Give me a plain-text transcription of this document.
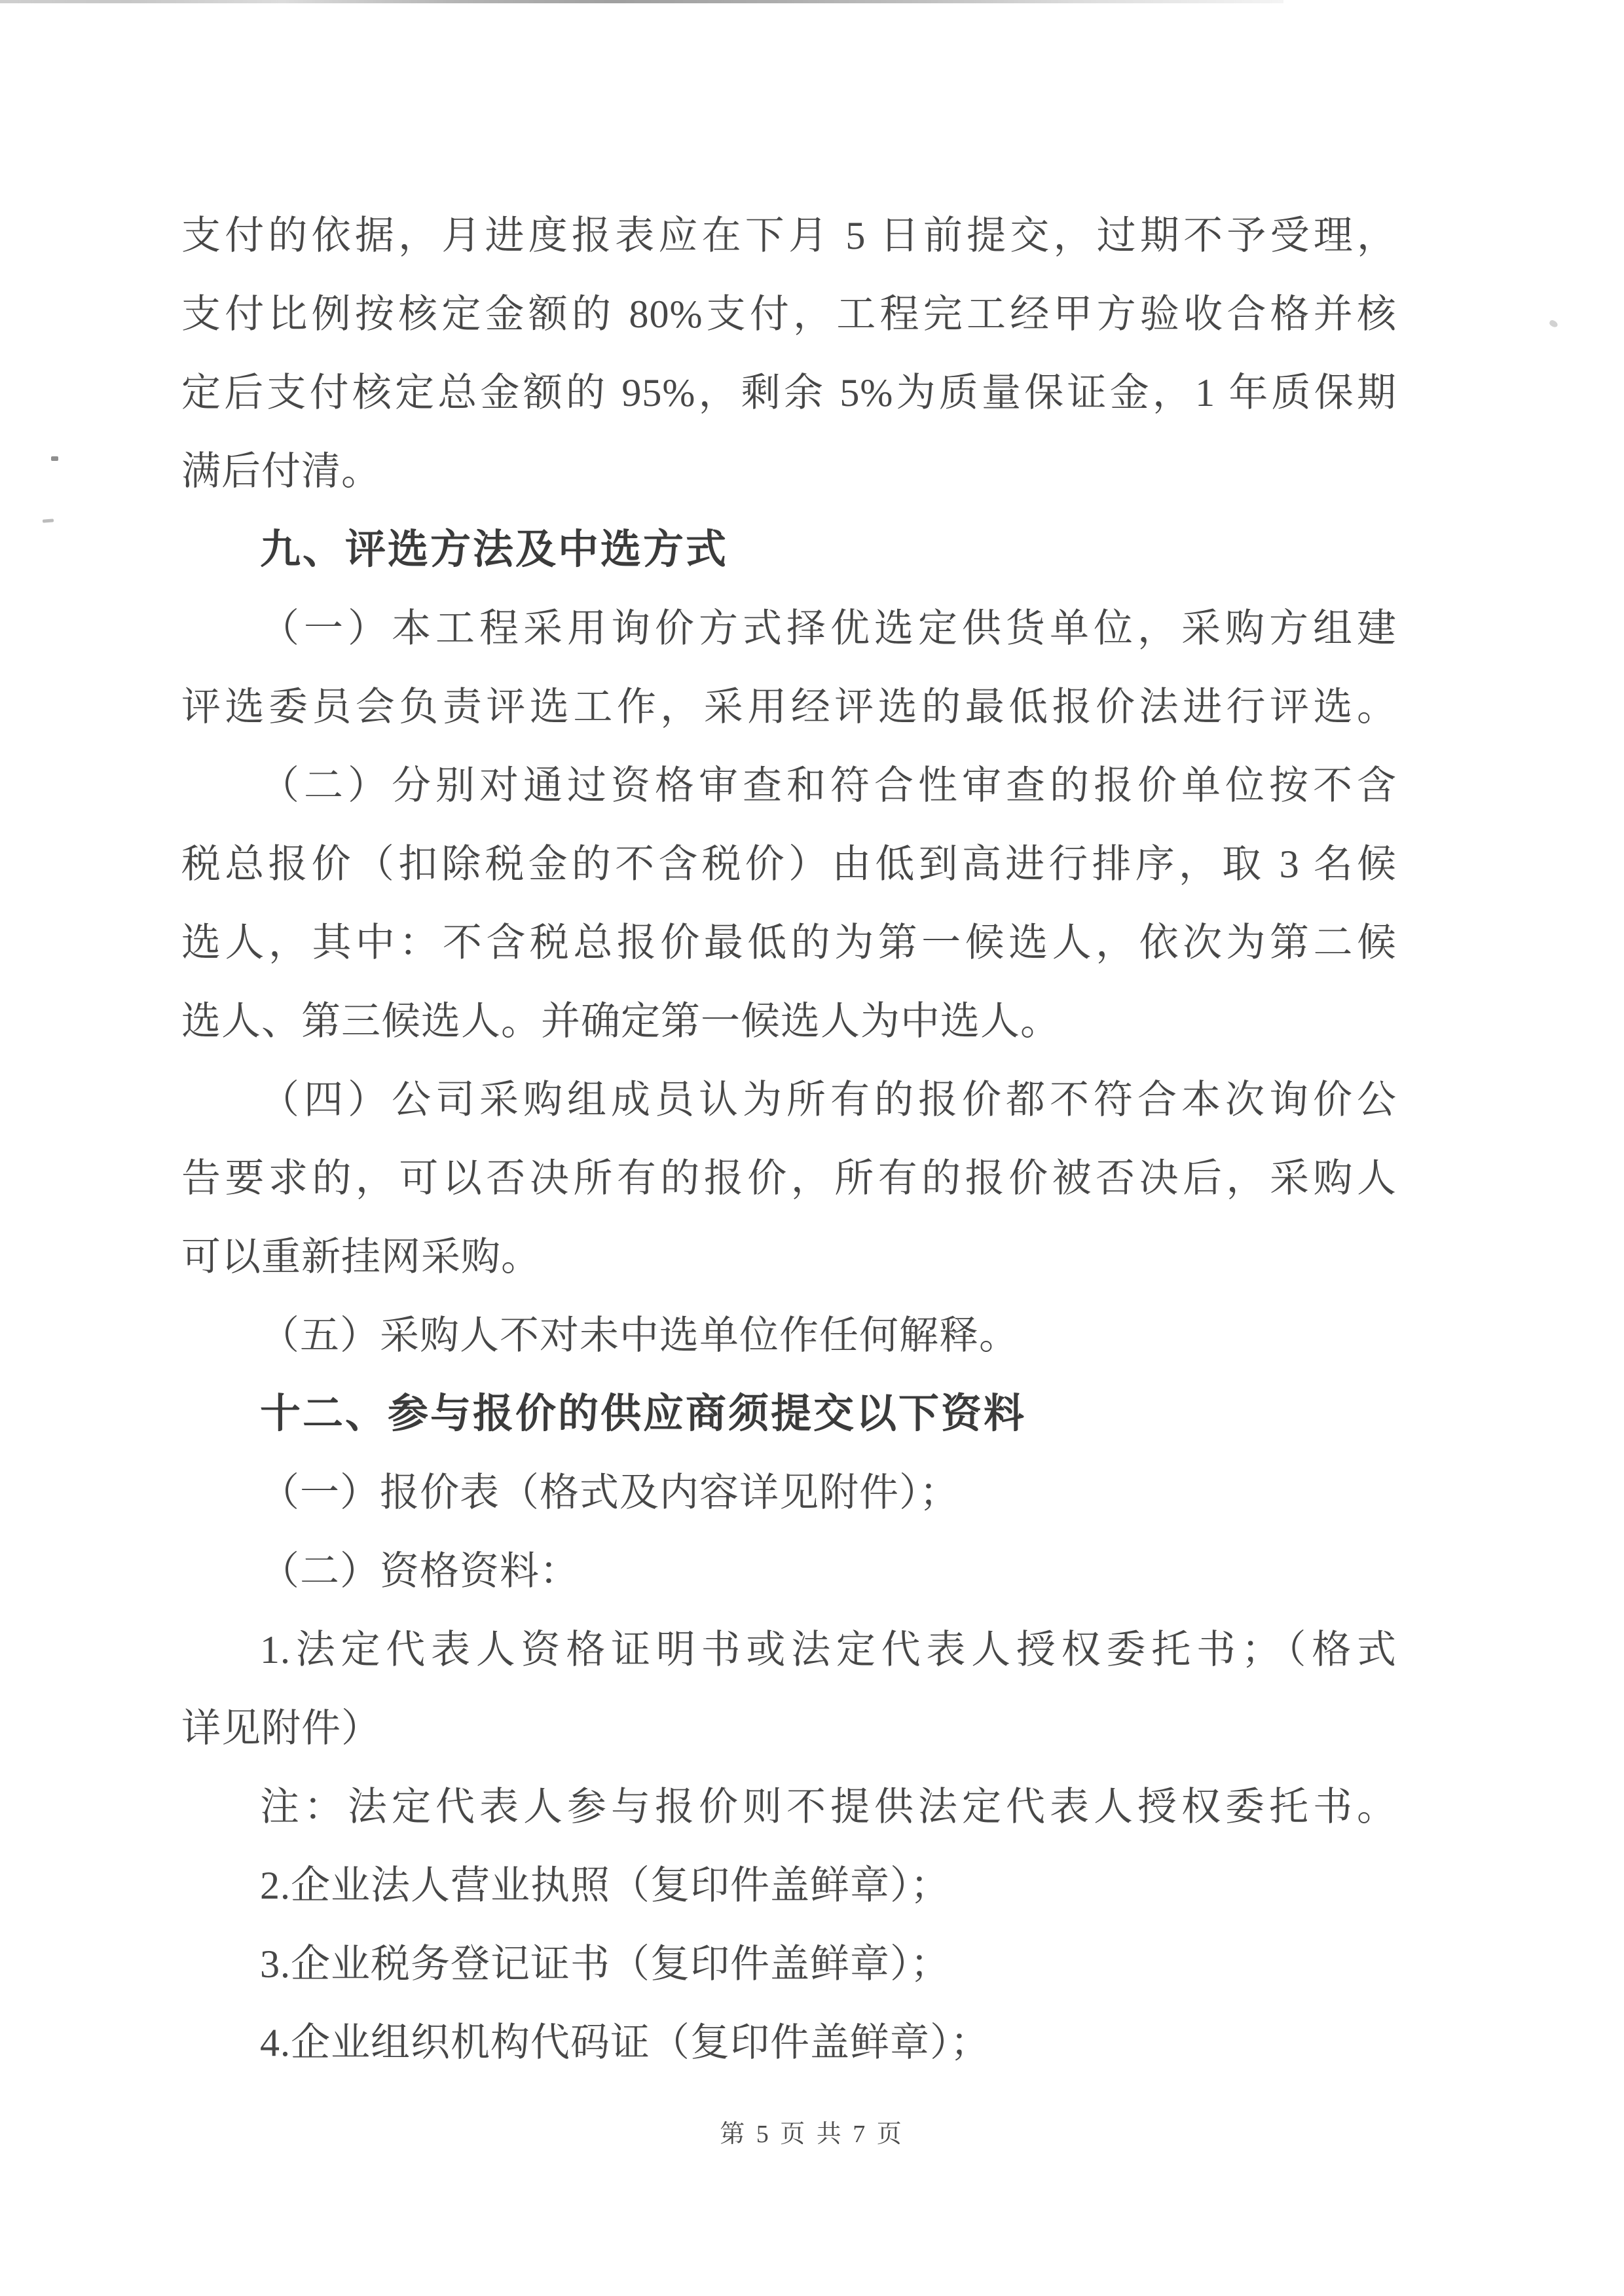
支付的依据，月进度报表应在下月 5 日前提交，过期不予受理，
支付比例按核定金额的 80%支付，工程完工经甲方验收合格并核
定后支付核定总金额的 95%，剩余 5%为质量保证金，1 年质保期
满后付清。
九、评选方法及中选方式
（一）本工程采用询价方式择优选定供货单位，采购方组建
评选委员会负责评选工作，采用经评选的最低报价法进行评选。
（二）分别对通过资格审查和符合性审查的报价单位按不含
税总报价（扣除税金的不含税价）由低到高进行排序，取 3 名候
选人，其中：不含税总报价最低的为第一候选人，依次为第二候
选人、第三候选人。并确定第一候选人为中选人。
（四）公司采购组成员认为所有的报价都不符合本次询价公
告要求的，可以否决所有的报价，所有的报价被否决后，采购人
可以重新挂网采购。
（五）采购人不对未中选单位作任何解释。
十二、参与报价的供应商须提交以下资料
（一）报价表（格式及内容详见附件）；
（二）资格资料：
1.法定代表人资格证明书或法定代表人授权委托书；（格式
详见附件）
注：法定代表人参与报价则不提供法定代表人授权委托书。
2.企业法人营业执照（复印件盖鲜章）；
3.企业税务登记证书（复印件盖鲜章）；
4.企业组织机构代码证（复印件盖鲜章）；
第 5 页 共 7 页
